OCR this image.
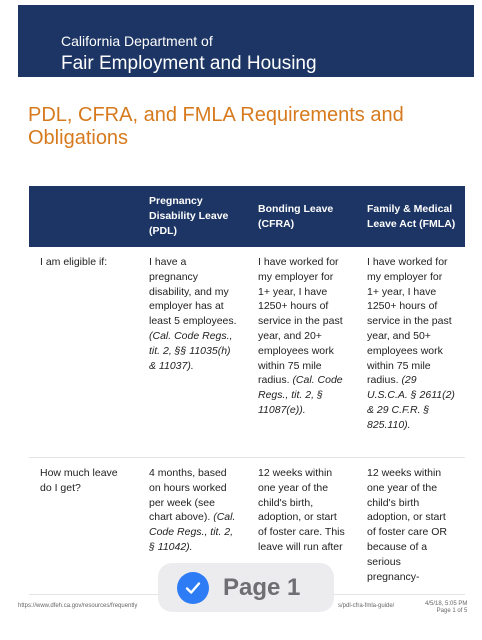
California Department of
Fair Employment and Housing
PDL, CFRA, and FMLA Requirements and Obligations
	Pregnancy Disability Leave (PDL)	Bonding Leave (CFRA)	Family & Medical Leave Act (FMLA)
I am eligible if:	I have a pregnancy disability, and my employer has at least 5 employees. (Cal. Code Regs., tit. 2, §§ 11035(h) & 11037).	I have worked for my employer for 1+ year, I have 1250+ hours of service in the past year, and 20+ employees work within 75 mile radius. (Cal. Code Regs., tit. 2, § 11087(e)).	I have worked for my employer for 1+ year, I have 1250+ hours of service in the past year, and 50+ employees work within 75 mile radius. (29 U.S.C.A. § 2611(2) & 29 C.F.R. § 825.110).
How much leave do I get?	4 months, based on hours worked per week (see chart above). (Cal. Code Regs., tit. 2, § 11042).	12 weeks within one year of the child's birth, adoption, or start of foster care. This leave will run after	12 weeks within one year of the child's birth adoption, or start of foster care OR because of a serious pregnancy-
https://www.dfeh.ca.gov/resources/frequently	s/pdl-cfra-fmla-guide/	4/5/18, 5:05 PM
Page 1 of 5
Page 1
